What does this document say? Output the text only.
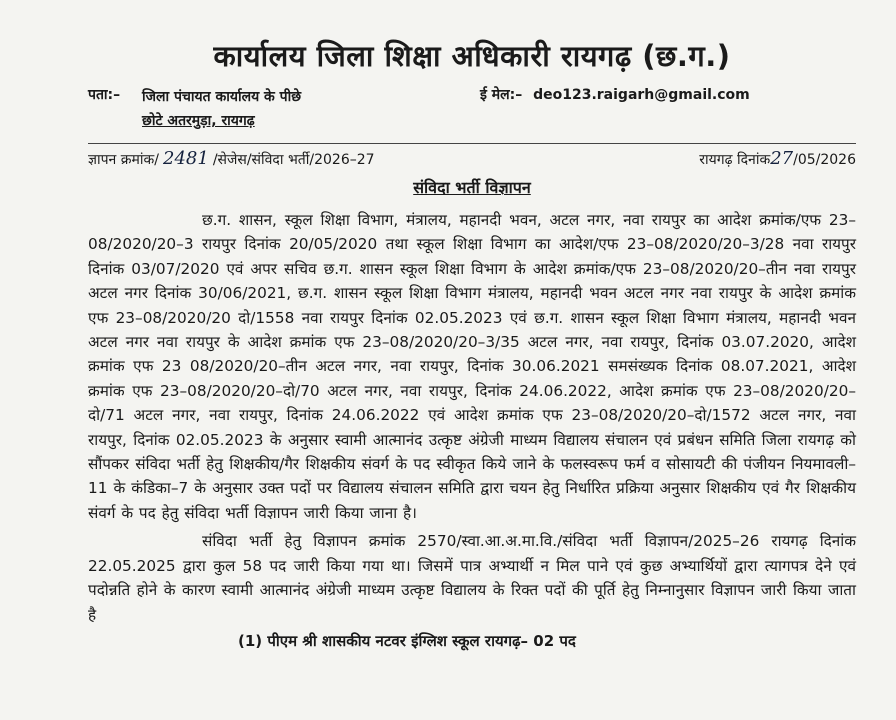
कार्यालय जिला शिक्षा अधिकारी रायगढ़ (छ.ग.)
पता:– जिला पंचायत कार्यालय के पीछे
छोटे अतरमुड़ा, रायगढ़
ई मेल:– deo123.raigarh@gmail.com
ज्ञापन क्रमांक/ 2481 /सेजेस/संविदा भर्ती/2026–27	रायगढ़ दिनांक27/05/2026
संविदा भर्ती विज्ञापन

छ.ग. शासन, स्कूल शिक्षा विभाग, मंत्रालय, महानदी भवन, अटल नगर, नवा रायपुर का आदेश क्रमांक/एफ 23–08/2020/20–3 रायपुर दिनांक 20/05/2020 तथा स्कूल शिक्षा विभाग का आदेश/एफ 23–08/2020/20–3/28 नवा रायपुर दिनांक 03/07/2020 एवं अपर सचिव छ.ग. शासन स्कूल शिक्षा विभाग के आदेश क्रमांक/एफ 23–08/2020/20–तीन नवा रायपुर अटल नगर दिनांक 30/06/2021, छ.ग. शासन स्कूल शिक्षा विभाग मंत्रालय, महानदी भवन अटल नगर नवा रायपुर के आदेश क्रमांक एफ 23–08/2020/20 दो/1558 नवा रायपुर दिनांक 02.05.2023 एवं छ.ग. शासन स्कूल शिक्षा विभाग मंत्रालय, महानदी भवन अटल नगर नवा रायपुर के आदेश क्रमांक एफ 23–08/2020/20–3/35 अटल नगर, नवा रायपुर, दिनांक 03.07.2020, आदेश क्रमांक एफ 23 08/2020/20–तीन अटल नगर, नवा रायपुर, दिनांक 30.06.2021 समसंख्यक दिनांक 08.07.2021, आदेश क्रमांक एफ 23–08/2020/20–दो/70 अटल नगर, नवा रायपुर, दिनांक 24.06.2022, आदेश क्रमांक एफ 23–08/2020/20–दो/71 अटल नगर, नवा रायपुर, दिनांक 24.06.2022 एवं आदेश क्रमांक एफ 23–08/2020/20–दो/1572 अटल नगर, नवा रायपुर, दिनांक 02.05.2023 के अनुसार स्वामी आत्मानंद उत्कृष्ट अंग्रेजी माध्यम विद्यालय संचालन एवं प्रबंधन समिति जिला रायगढ़ को सौंपकर संविदा भर्ती हेतु शिक्षकीय/गैर शिक्षकीय संवर्ग के पद स्वीकृत किये जाने के फलस्वरूप फर्म व सोसायटी की पंजीयन नियमावली–11 के कंडिका–7 के अनुसार उक्त पदों पर विद्यालय संचालन समिति द्वारा चयन हेतु निर्धारित प्रक्रिया अनुसार शिक्षकीय एवं गैर शिक्षकीय संवर्ग के पद हेतु संविदा भर्ती विज्ञापन जारी किया जाना है।

संविदा भर्ती हेतु विज्ञापन क्रमांक 2570/स्वा.आ.अ.मा.वि./संविदा भर्ती विज्ञापन/2025–26 रायगढ़ दिनांक 22.05.2025 द्वारा कुल 58 पद जारी किया गया था। जिसमें पात्र अभ्यार्थी न मिल पाने एवं कुछ अभ्यार्थियों द्वारा त्यागपत्र देने एवं पदोन्नति होने के कारण स्वामी आत्मानंद अंग्रेजी माध्यम उत्कृष्ट विद्यालय के रिक्त पदों की पूर्ति हेतु निम्नानुसार विज्ञापन जारी किया जाता है

(1) पीएम श्री शासकीय नटवर इंग्लिश स्कूल रायगढ़– 02 पद
